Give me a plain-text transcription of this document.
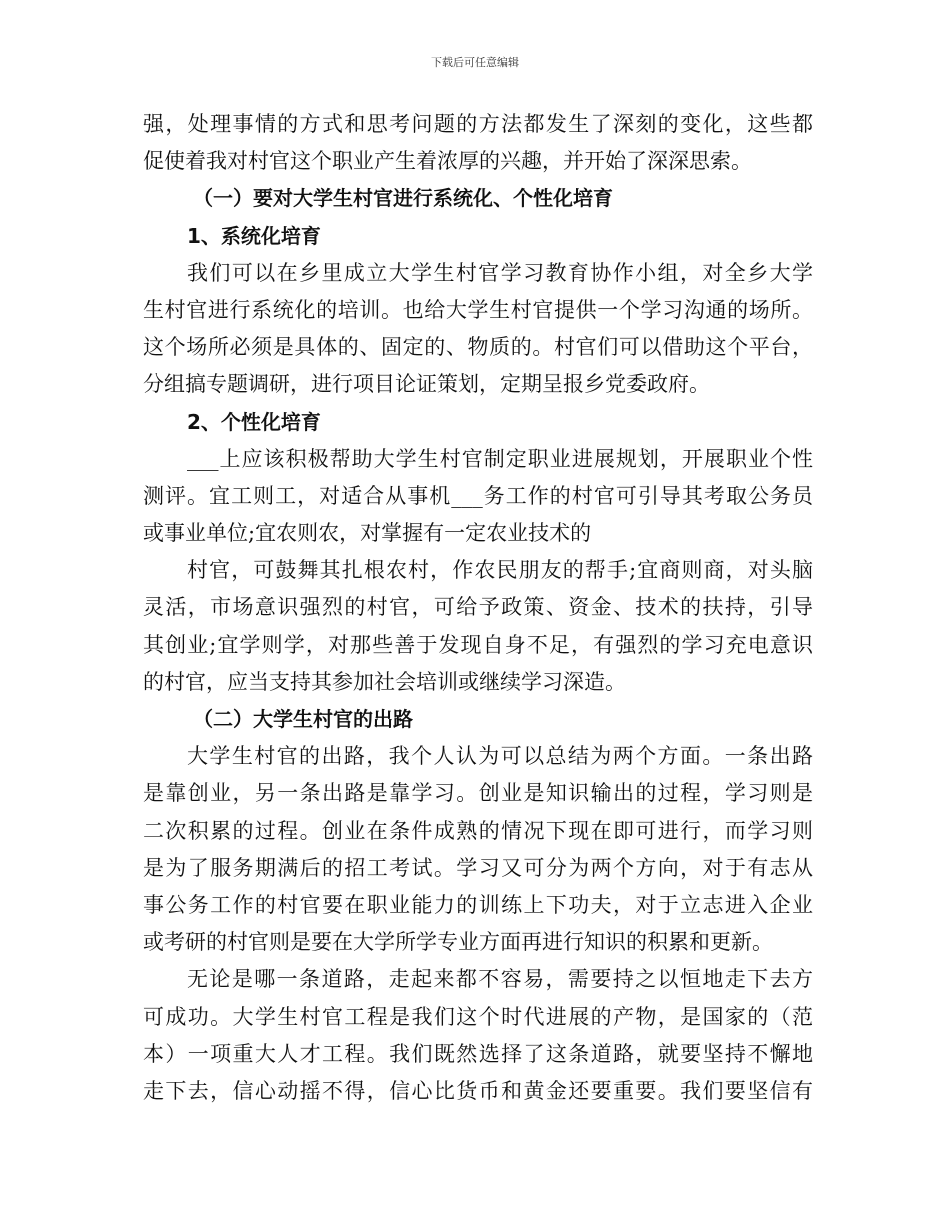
下载后可任意编辑
强，处理事情的方式和思考问题的方法都发生了深刻的变化，这些都
促使着我对村官这个职业产生着浓厚的兴趣，并开始了深深思索。
（一）要对大学生村官进行系统化、个性化培育
1、系统化培育
我们可以在乡里成立大学生村官学习教育协作小组，对全乡大学
生村官进行系统化的培训。也给大学生村官提供一个学习沟通的场所。
这个场所必须是具体的、固定的、物质的。村官们可以借助这个平台，
分组搞专题调研，进行项目论证策划，定期呈报乡党委政府。
2、个性化培育
___上应该积极帮助大学生村官制定职业进展规划，开展职业个性
测评。宜工则工，对适合从事机___务工作的村官可引导其考取公务员
或事业单位;宜农则农，对掌握有一定农业技术的
村官，可鼓舞其扎根农村，作农民朋友的帮手;宜商则商，对头脑
灵活，市场意识强烈的村官，可给予政策、资金、技术的扶持，引导
其创业;宜学则学，对那些善于发现自身不足，有强烈的学习充电意识
的村官，应当支持其参加社会培训或继续学习深造。
（二）大学生村官的出路
大学生村官的出路，我个人认为可以总结为两个方面。一条出路
是靠创业，另一条出路是靠学习。创业是知识输出的过程，学习则是
二次积累的过程。创业在条件成熟的情况下现在即可进行，而学习则
是为了服务期满后的招工考试。学习又可分为两个方向，对于有志从
事公务工作的村官要在职业能力的训练上下功夫，对于立志进入企业
或考研的村官则是要在大学所学专业方面再进行知识的积累和更新。
无论是哪一条道路，走起来都不容易，需要持之以恒地走下去方
可成功。大学生村官工程是我们这个时代进展的产物，是国家的（范
本）一项重大人才工程。我们既然选择了这条道路，就要坚持不懈地
走下去，信心动摇不得，信心比货币和黄金还要重要。我们要坚信有
